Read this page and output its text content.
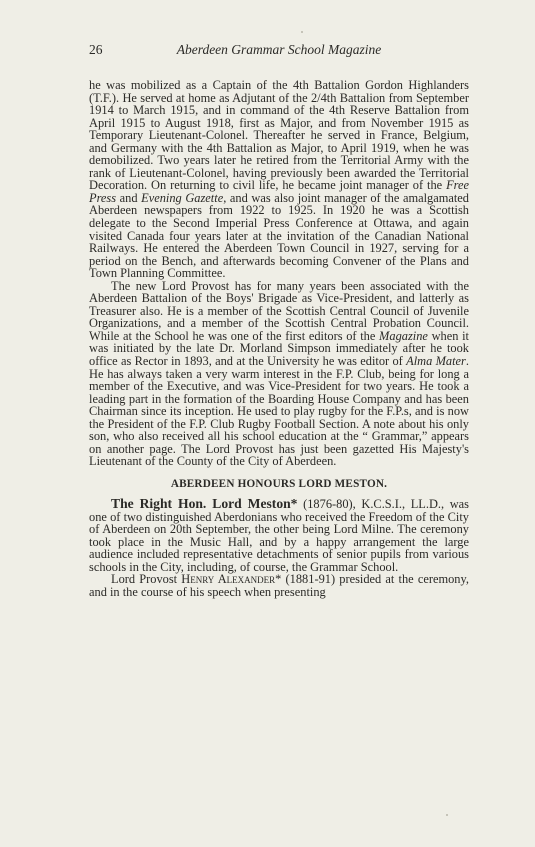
26	Aberdeen Grammar School Magazine

he was mobilized as a Captain of the 4th Battalion Gordon Highlanders (T.F.). He served at home as Adjutant of the 2/4th Battalion from September 1914 to March 1915, and in command of the 4th Reserve Battalion from April 1915 to August 1918, first as Major, and from November 1915 as Temporary Lieutenant-Colonel. Thereafter he served in France, Belgium, and Germany with the 4th Battalion as Major, to April 1919, when he was demobilized. Two years later he retired from the Territorial Army with the rank of Lieutenant-Colonel, having previously been awarded the Territorial Decoration. On returning to civil life, he became joint manager of the Free Press and Evening Gazette, and was also joint manager of the amalgamated Aberdeen newspapers from 1922 to 1925. In 1920 he was a Scottish delegate to the Second Imperial Press Conference at Ottawa, and again visited Canada four years later at the invitation of the Canadian National Railways. He entered the Aberdeen Town Council in 1927, serving for a period on the Bench, and afterwards becoming Convener of the Plans and Town Planning Committee.

The new Lord Provost has for many years been associated with the Aberdeen Battalion of the Boys' Brigade as Vice-President, and latterly as Treasurer also. He is a member of the Scottish Central Council of Juvenile Organizations, and a member of the Scottish Central Probation Council. While at the School he was one of the first editors of the Magazine when it was initiated by the late Dr. Morland Simpson immediately after he took office as Rector in 1893, and at the University he was editor of Alma Mater. He has always taken a very warm interest in the F.P. Club, being for long a member of the Executive, and was Vice-President for two years. He took a leading part in the formation of the Boarding House Company and has been Chairman since its inception. He used to play rugby for the F.P.s, and is now the President of the F.P. Club Rugby Football Section. A note about his only son, who also received all his school education at the “ Grammar,” appears on another page. The Lord Provost has just been gazetted His Majesty's Lieutenant of the County of the City of Aberdeen.

ABERDEEN HONOURS LORD MESTON.

The Right Hon. Lord Meston* (1876-80), K.C.S.I., LL.D., was one of two distinguished Aberdonians who received the Freedom of the City of Aberdeen on 20th September, the other being Lord Milne. The ceremony took place in the Music Hall, and by a happy arrangement the large audience included representative detachments of senior pupils from various schools in the City, including, of course, the Grammar School.

Lord Provost Henry Alexander* (1881-91) presided at the ceremony, and in the course of his speech when presenting
